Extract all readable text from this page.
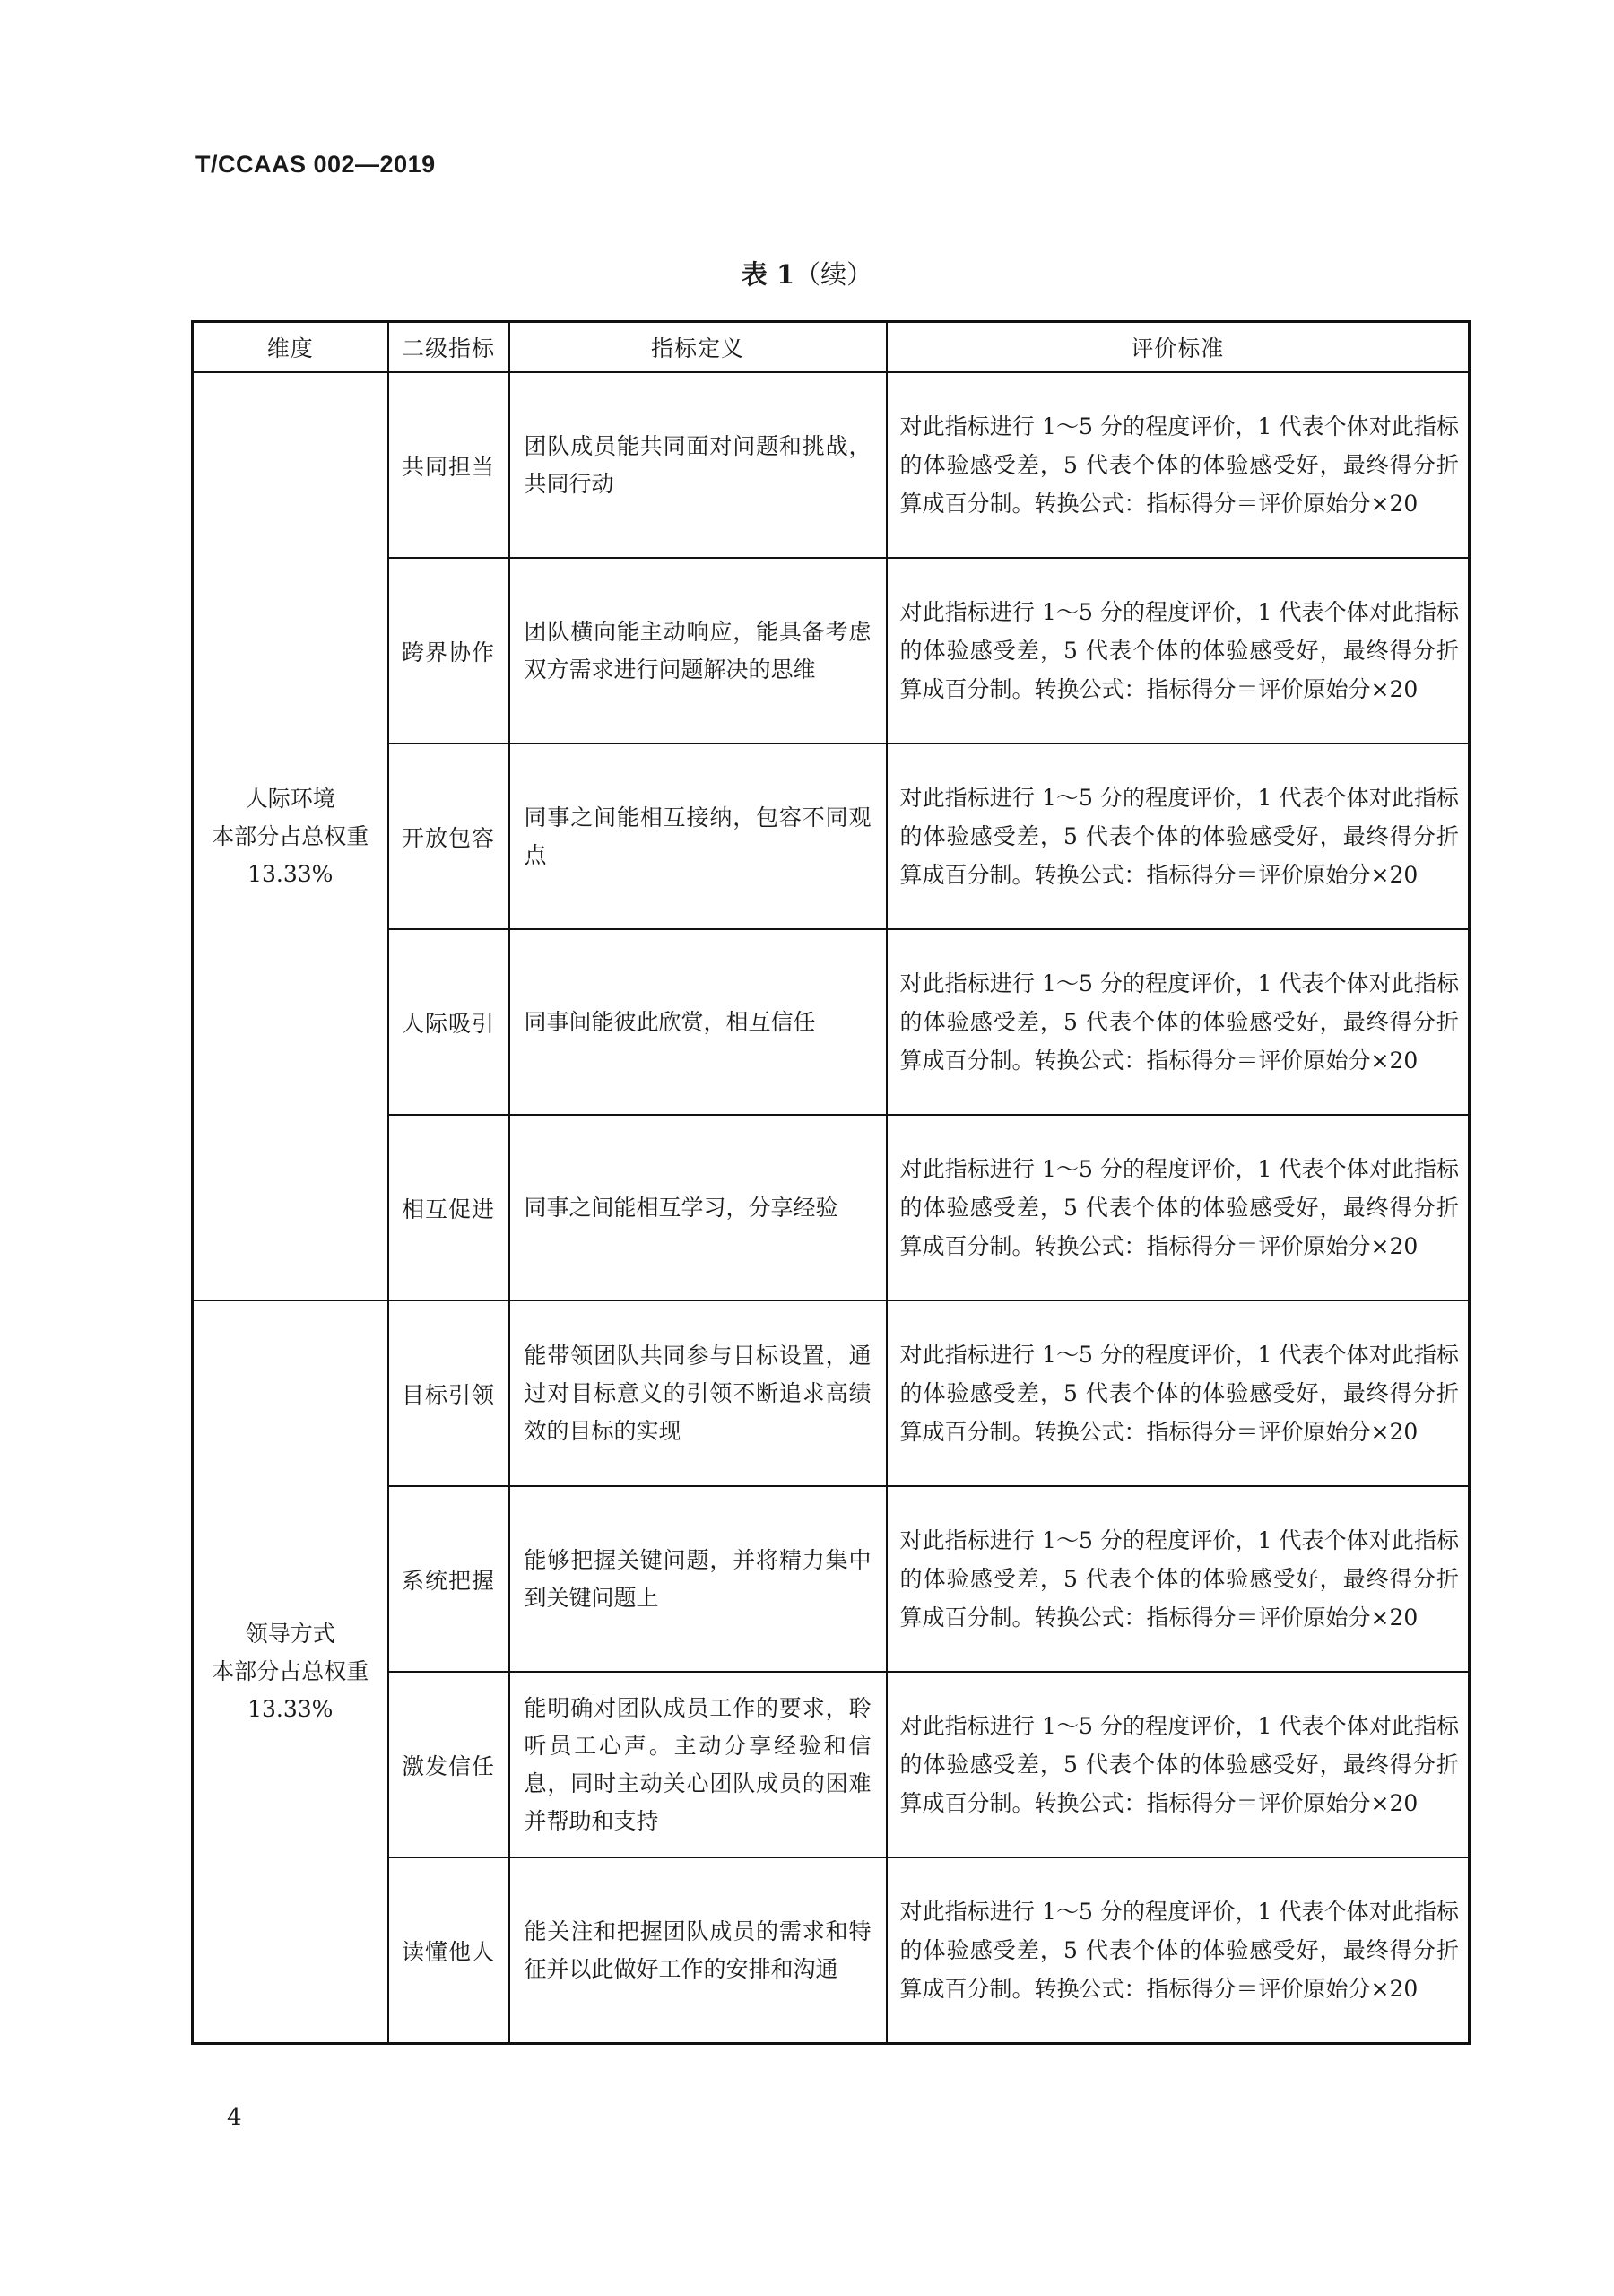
T/CCAAS 002—2019
表 1（续）
维度	二级指标	指标定义	评价标准

人际环境
本部分占总权重
13.33%	共同担当	团队成员能共同面对问题和挑战，共同行动	对此指标进行 1～5 分的程度评价，1 代表个体对此指标的体验感受差，5 代表个体的体验感受好，最终得分折算成百分制。转换公式：指标得分＝评价原始分×20
	跨界协作	团队横向能主动响应，能具备考虑双方需求进行问题解决的思维	对此指标进行 1～5 分的程度评价，1 代表个体对此指标的体验感受差，5 代表个体的体验感受好，最终得分折算成百分制。转换公式：指标得分＝评价原始分×20
	开放包容	同事之间能相互接纳，包容不同观点	对此指标进行 1～5 分的程度评价，1 代表个体对此指标的体验感受差，5 代表个体的体验感受好，最终得分折算成百分制。转换公式：指标得分＝评价原始分×20
	人际吸引	同事间能彼此欣赏，相互信任	对此指标进行 1～5 分的程度评价，1 代表个体对此指标的体验感受差，5 代表个体的体验感受好，最终得分折算成百分制。转换公式：指标得分＝评价原始分×20
	相互促进	同事之间能相互学习，分享经验	对此指标进行 1～5 分的程度评价，1 代表个体对此指标的体验感受差，5 代表个体的体验感受好，最终得分折算成百分制。转换公式：指标得分＝评价原始分×20

领导方式
本部分占总权重
13.33%	目标引领	能带领团队共同参与目标设置，通过对目标意义的引领不断追求高绩效的目标的实现	对此指标进行 1～5 分的程度评价，1 代表个体对此指标的体验感受差，5 代表个体的体验感受好，最终得分折算成百分制。转换公式：指标得分＝评价原始分×20
	系统把握	能够把握关键问题，并将精力集中到关键问题上	对此指标进行 1～5 分的程度评价，1 代表个体对此指标的体验感受差，5 代表个体的体验感受好，最终得分折算成百分制。转换公式：指标得分＝评价原始分×20
	激发信任	能明确对团队成员工作的要求，聆听员工心声。主动分享经验和信息，同时主动关心团队成员的困难并帮助和支持	对此指标进行 1～5 分的程度评价，1 代表个体对此指标的体验感受差，5 代表个体的体验感受好，最终得分折算成百分制。转换公式：指标得分＝评价原始分×20
	读懂他人	能关注和把握团队成员的需求和特征并以此做好工作的安排和沟通	对此指标进行 1～5 分的程度评价，1 代表个体对此指标的体验感受差，5 代表个体的体验感受好，最终得分折算成百分制。转换公式：指标得分＝评价原始分×20
4
